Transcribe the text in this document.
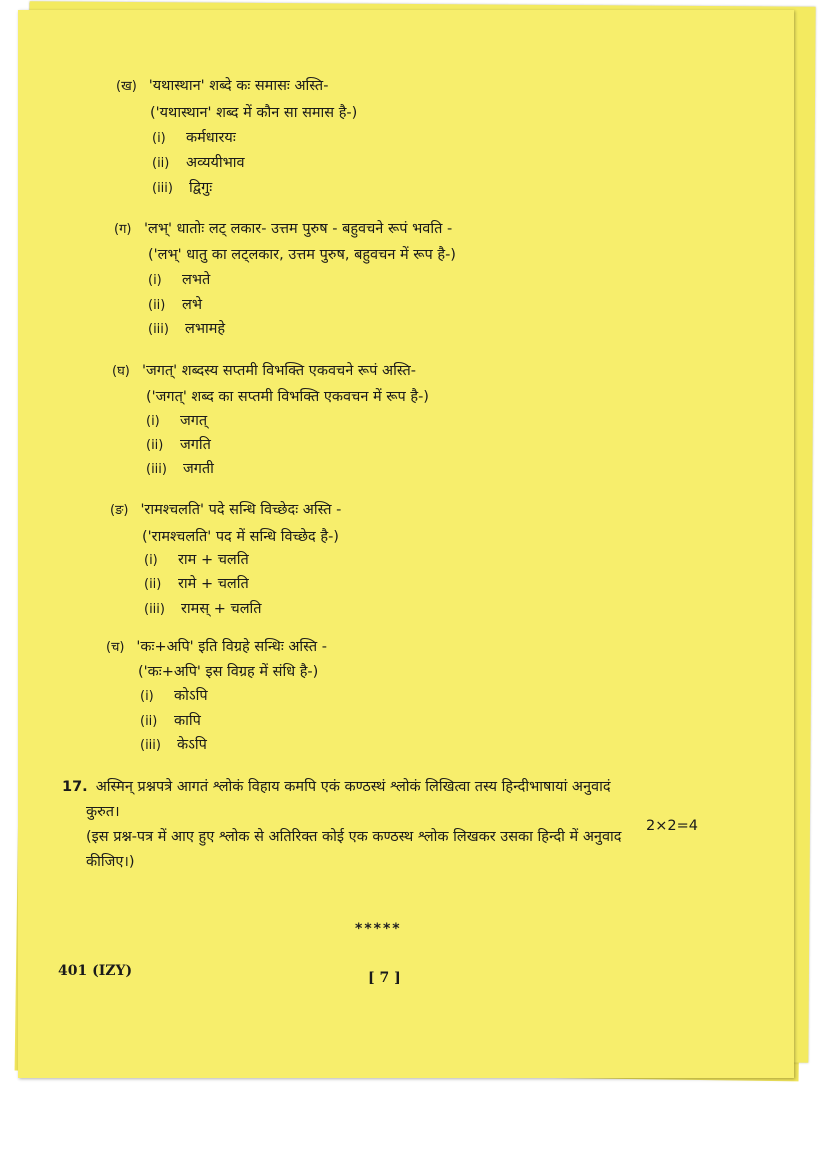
(ख) 'यथास्थान' शब्दे कः समासः अस्ति-
('यथास्थान' शब्द में कौन सा समास है-)
(i) कर्मधारयः
(ii) अव्ययीभाव
(iii) द्विगुः
(ग) 'लभ्' धातोः लट् लकार- उत्तम पुरुष - बहुवचने रूपं भवति -
('लभ्' धातु का लट्लकार, उत्तम पुरुष, बहुवचन में रूप है-)
(i) लभते
(ii) लभे
(iii) लभामहे
(घ) 'जगत्' शब्दस्य सप्तमी विभक्ति एकवचने रूपं अस्ति-
('जगत्' शब्द का सप्तमी विभक्ति एकवचन में रूप है-)
(i) जगत्
(ii) जगति
(iii) जगती
(ङ) 'रामश्चलति' पदे सन्धि विच्छेदः अस्ति -
('रामश्चलति' पद में सन्धि विच्छेद है-)
(i) राम + चलति
(ii) रामे + चलति
(iii) रामस् + चलति
(च) 'कः+अपि' इति विग्रहे सन्धिः अस्ति -
('कः+अपि' इस विग्रह में संधि है-)
(i) कोऽपि
(ii) कापि
(iii) केऽपि
17. अस्मिन् प्रश्नपत्रे आगतं श्लोकं विहाय कमपि एकं कण्ठस्थं श्लोकं लिखित्वा तस्य हिन्दीभाषायां अनुवादं
कुरुत।
2×2=4
(इस प्रश्न-पत्र में आए हुए श्लोक से अतिरिक्त कोई एक कण्ठस्थ श्लोक लिखकर उसका हिन्दी में अनुवाद
कीजिए।)
*****
401 (IZY)	[ 7 ]
